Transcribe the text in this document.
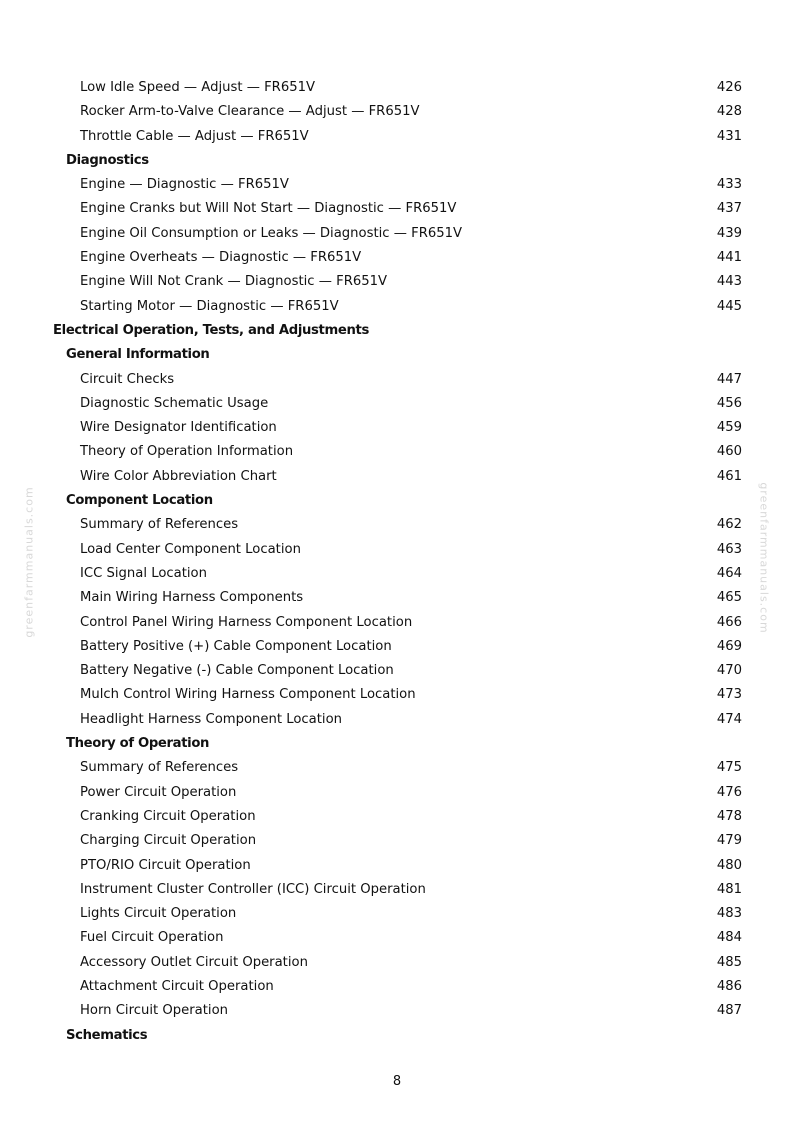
Low Idle Speed — Adjust — FR651V	426
Rocker Arm-to-Valve Clearance — Adjust — FR651V	428
Throttle Cable — Adjust — FR651V	431
Diagnostics
Engine — Diagnostic — FR651V	433
Engine Cranks but Will Not Start — Diagnostic — FR651V	437
Engine Oil Consumption or Leaks — Diagnostic — FR651V	439
Engine Overheats — Diagnostic — FR651V	441
Engine Will Not Crank — Diagnostic — FR651V	443
Starting Motor — Diagnostic — FR651V	445
Electrical Operation, Tests, and Adjustments
General Information
Circuit Checks	447
Diagnostic Schematic Usage	456
Wire Designator Identification	459
Theory of Operation Information	460
Wire Color Abbreviation Chart	461
Component Location
Summary of References	462
Load Center Component Location	463
ICC Signal Location	464
Main Wiring Harness Components	465
Control Panel Wiring Harness Component Location	466
Battery Positive (+) Cable Component Location	469
Battery Negative (-) Cable Component Location	470
Mulch Control Wiring Harness Component Location	473
Headlight Harness Component Location	474
Theory of Operation
Summary of References	475
Power Circuit Operation	476
Cranking Circuit Operation	478
Charging Circuit Operation	479
PTO/RIO Circuit Operation	480
Instrument Cluster Controller (ICC) Circuit Operation	481
Lights Circuit Operation	483
Fuel Circuit Operation	484
Accessory Outlet Circuit Operation	485
Attachment Circuit Operation	486
Horn Circuit Operation	487
Schematics
greenfarmmanuals.com	greenfarmmanuals.com
8
